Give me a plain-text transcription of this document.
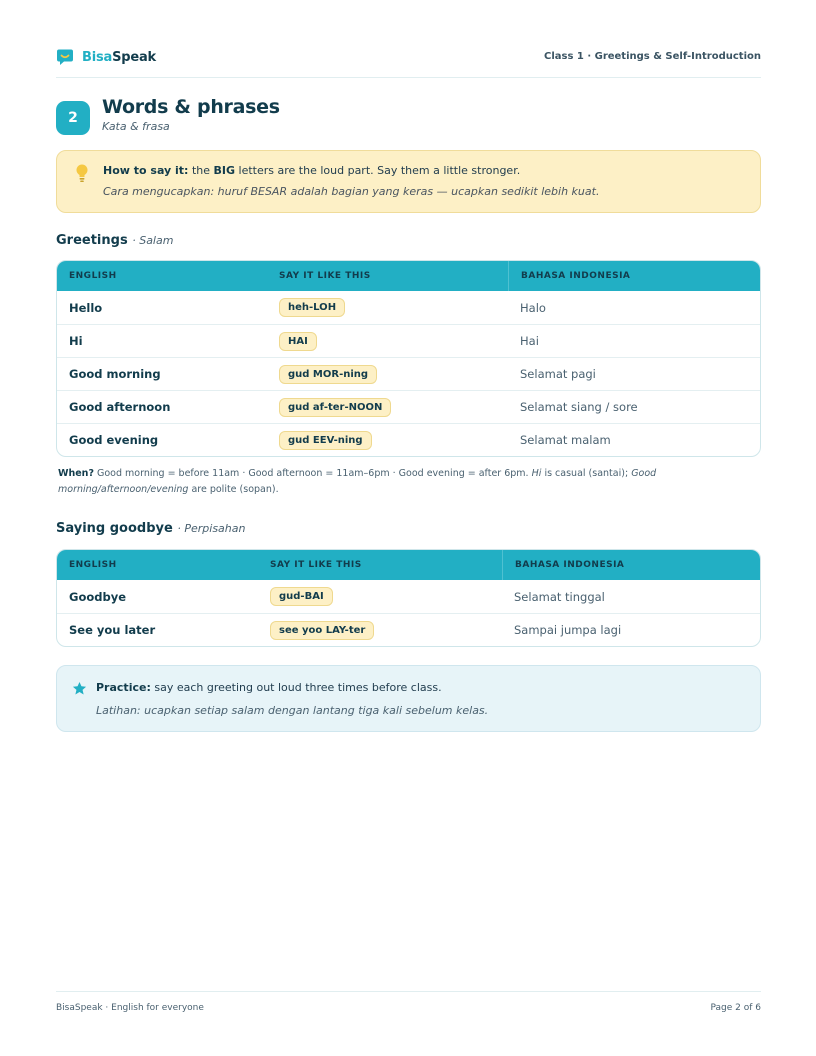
BisaSpeak	Class 1 · Greetings & Self-Introduction
2	Words & phrases
Kata & frasa
How to say it: the BIG letters are the loud part. Say them a little stronger.
Cara mengucapkan: huruf BESAR adalah bagian yang keras — ucapkan sedikit lebih kuat.
Greetings · Salam
ENGLISH	SAY IT LIKE THIS	BAHASA INDONESIA
Hello	heh-LOH	Halo
Hi	HAI	Hai
Good morning	gud MOR-ning	Selamat pagi
Good afternoon	gud af-ter-NOON	Selamat siang / sore
Good evening	gud EEV-ning	Selamat malam
When? Good morning = before 11am · Good afternoon = 11am–6pm · Good evening = after 6pm. Hi is casual (santai); Good morning/afternoon/evening are polite (sopan).
Saying goodbye · Perpisahan
ENGLISH	SAY IT LIKE THIS	BAHASA INDONESIA
Goodbye	gud-BAI	Selamat tinggal
See you later	see yoo LAY-ter	Sampai jumpa lagi
Practice: say each greeting out loud three times before class.
Latihan: ucapkan setiap salam dengan lantang tiga kali sebelum kelas.
BisaSpeak · English for everyone	Page 2 of 6
